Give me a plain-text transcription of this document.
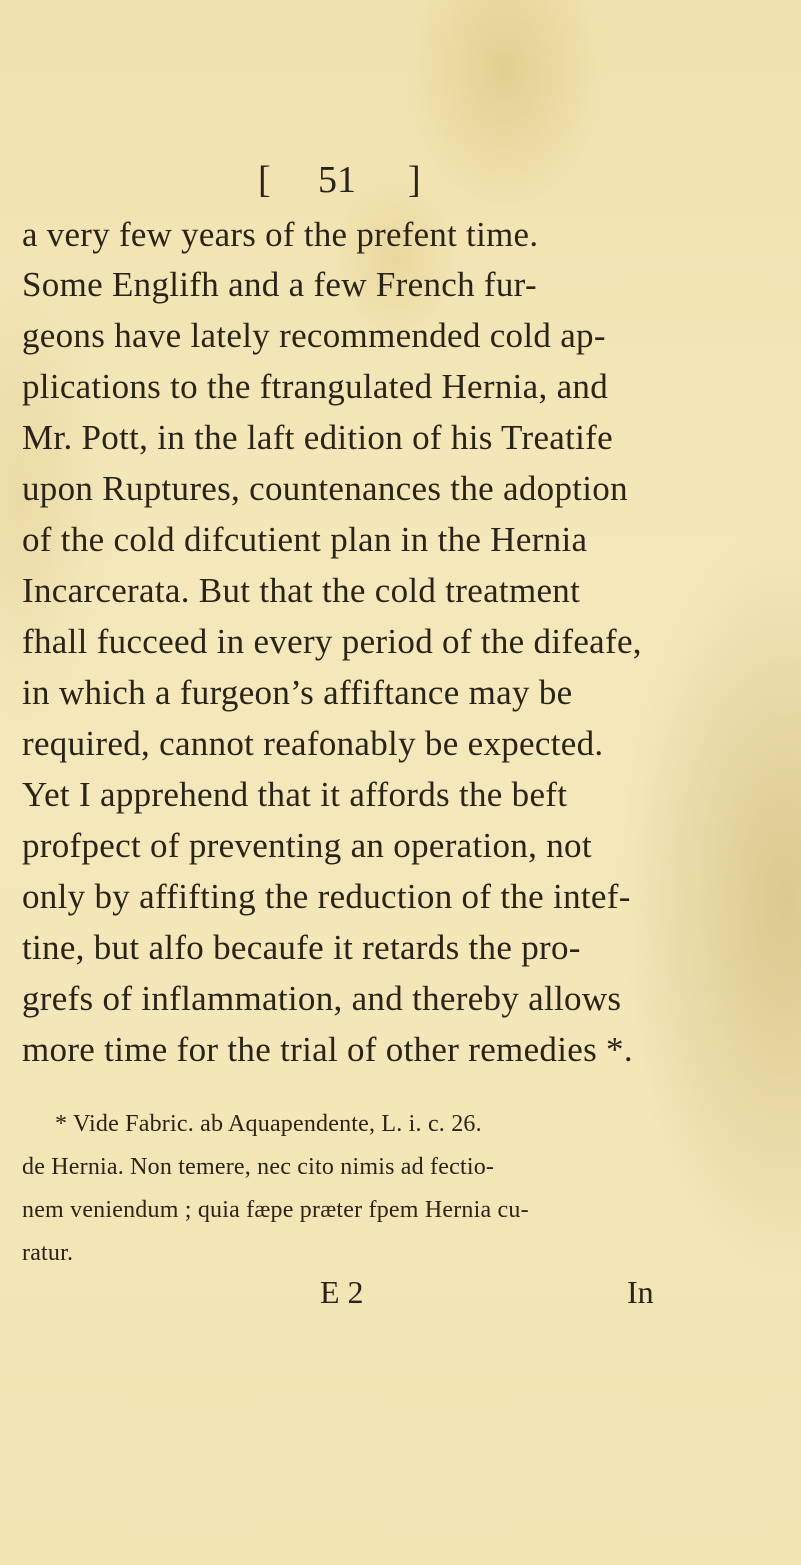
[ 51 ]
a very few years of the prefent time.
Some Englifh and a few French fur-
geons have lately recommended cold ap-
plications to the ftrangulated Hernia, and
Mr. Pott, in the laft edition of his Treatife
upon Ruptures, countenances the adoption
of the cold difcutient plan in the Hernia
Incarcerata. But that the cold treatment
fhall fucceed in every period of the difeafe,
in which a furgeon’s affiftance may be
required, cannot reafonably be expected.
Yet I apprehend that it affords the beft
profpect of preventing an operation, not
only by affifting the reduction of the intef-
tine, but alfo becaufe it retards the pro-
grefs of inflammation, and thereby allows
more time for the trial of other remedies *.
* Vide Fabric. ab Aquapendente, L. i. c. 26.
de Hernia. Non temere, nec cito nimis ad fectio-
nem veniendum ; quia fæpe præter fpem Hernia cu-
ratur.
E 2	In
